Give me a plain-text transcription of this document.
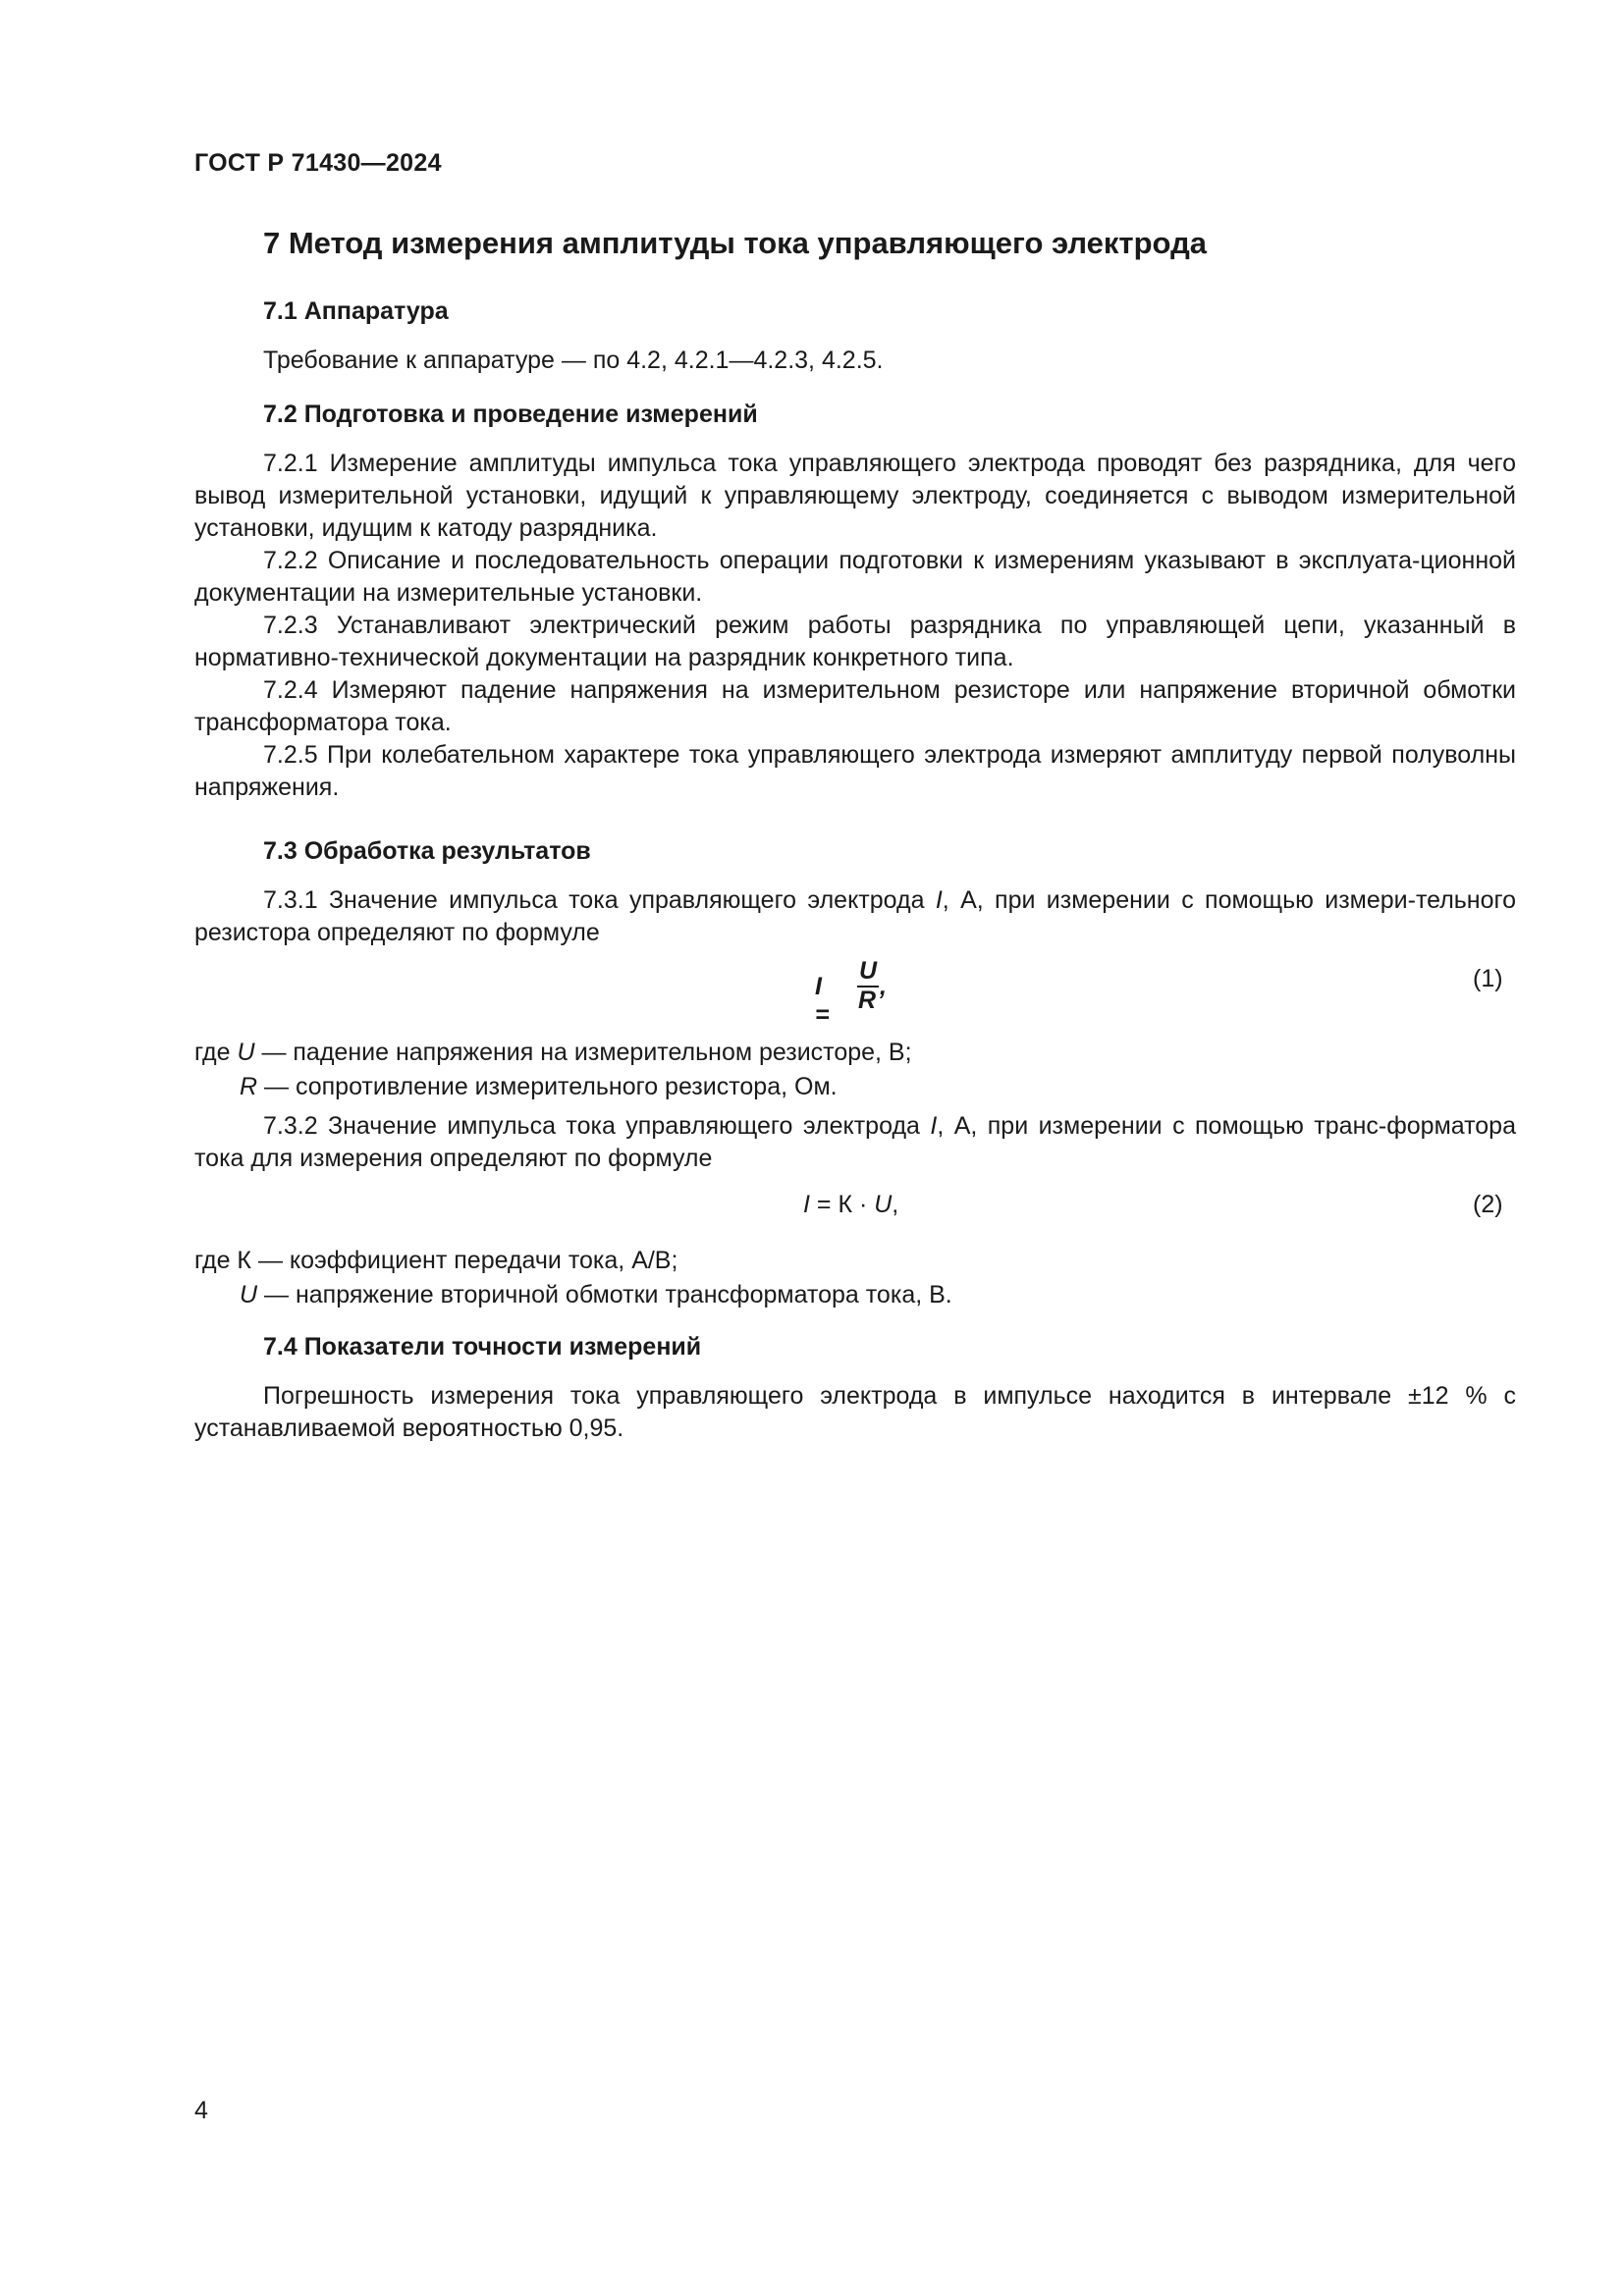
ГОСТ Р 71430—2024
7 Метод измерения амплитуды тока управляющего электрода
7.1 Аппаратура
Требование к аппаратуре — по 4.2, 4.2.1—4.2.3, 4.2.5.
7.2 Подготовка и проведение измерений

7.2.1 Измерение амплитуды импульса тока управляющего электрода проводят без разрядника, для чего вывод измерительной установки, идущий к управляющему электроду, соединяется с выводом измерительной установки, идущим к катоду разрядника.

7.2.2 Описание и последовательность операции подготовки к измерениям указывают в эксплуата-ционной документации на измерительные установки.

7.2.3 Устанавливают электрический режим работы разрядника по управляющей цепи, указанный в нормативно-технической документации на разрядник конкретного типа.

7.2.4 Измеряют падение напряжения на измерительном резисторе или напряжение вторичной обмотки трансформатора тока.

7.2.5 При колебательном характере тока управляющего электрода измеряют амплитуду первой полуволны напряжения.

7.3 Обработка результатов

7.3.1 Значение импульса тока управляющего электрода I, А, при измерении с помощью измери-тельного резистора определяют по формуле

I =
U
R ,	(1)
где U — падение напряжения на измерительном резисторе, В;
R — сопротивление измерительного резистора, Ом.

7.3.2 Значение импульса тока управляющего электрода I, А, при измерении с помощью транс-форматора тока для измерения определяют по формуле

I = К · U,	(2)
где К — коэффициент передачи тока, А/В;
U — напряжение вторичной обмотки трансформатора тока, В.
7.4 Показатели точности измерений

Погрешность измерения тока управляющего электрода в импульсе находится в интервале ±12 % с устанавливаемой вероятностью 0,95.

4
